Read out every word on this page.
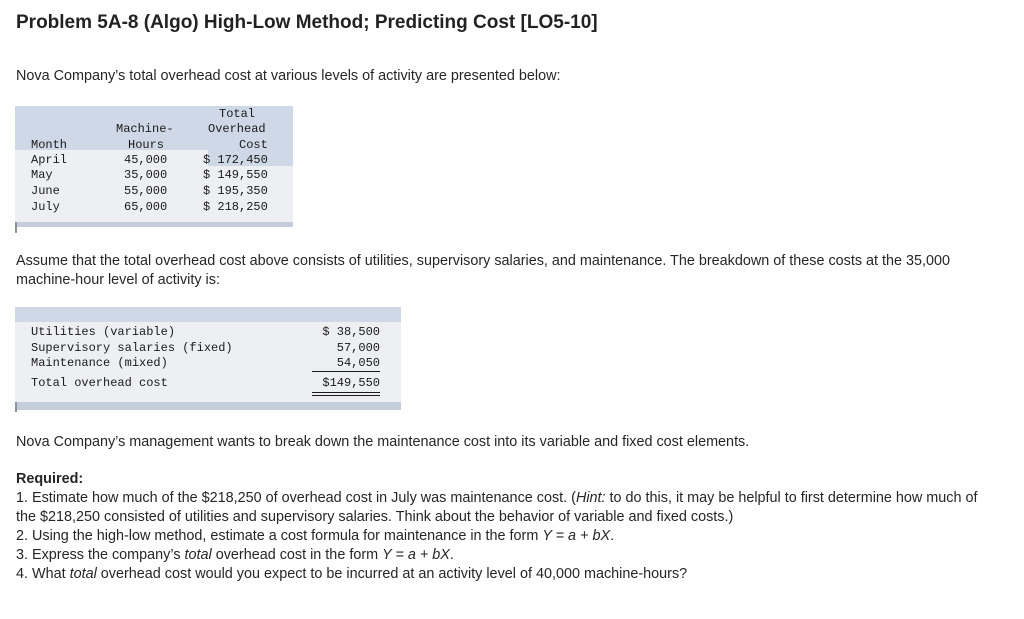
Problem 5A-8 (Algo) High-Low Method; Predicting Cost [LO5-10]
Nova Company’s total overhead cost at various levels of activity are presented below:
Total
Machine-	Overhead
Month	Hours	Cost
April	45,000	$ 172,450
May	35,000	$ 149,550
June	55,000	$ 195,350
July	65,000	$ 218,250
Assume that the total overhead cost above consists of utilities, supervisory salaries, and maintenance. The breakdown of these costs at the 35,000 machine-hour level of activity is:
Utilities (variable)	$ 38,500
Supervisory salaries (fixed)	57,000
Maintenance (mixed)	54,050
Total overhead cost	$149,550
Nova Company’s management wants to break down the maintenance cost into its variable and fixed cost elements.
Required:

1. Estimate how much of the $218,250 of overhead cost in July was maintenance cost. (Hint: to do this, it may be helpful to first determine how much of the $218,250 consisted of utilities and supervisory salaries. Think about the behavior of variable and fixed costs.)

2. Using the high-low method, estimate a cost formula for maintenance in the form Y = a + bX.

3. Express the company’s total overhead cost in the form Y = a + bX.

4. What total overhead cost would you expect to be incurred at an activity level of 40,000 machine-hours?
